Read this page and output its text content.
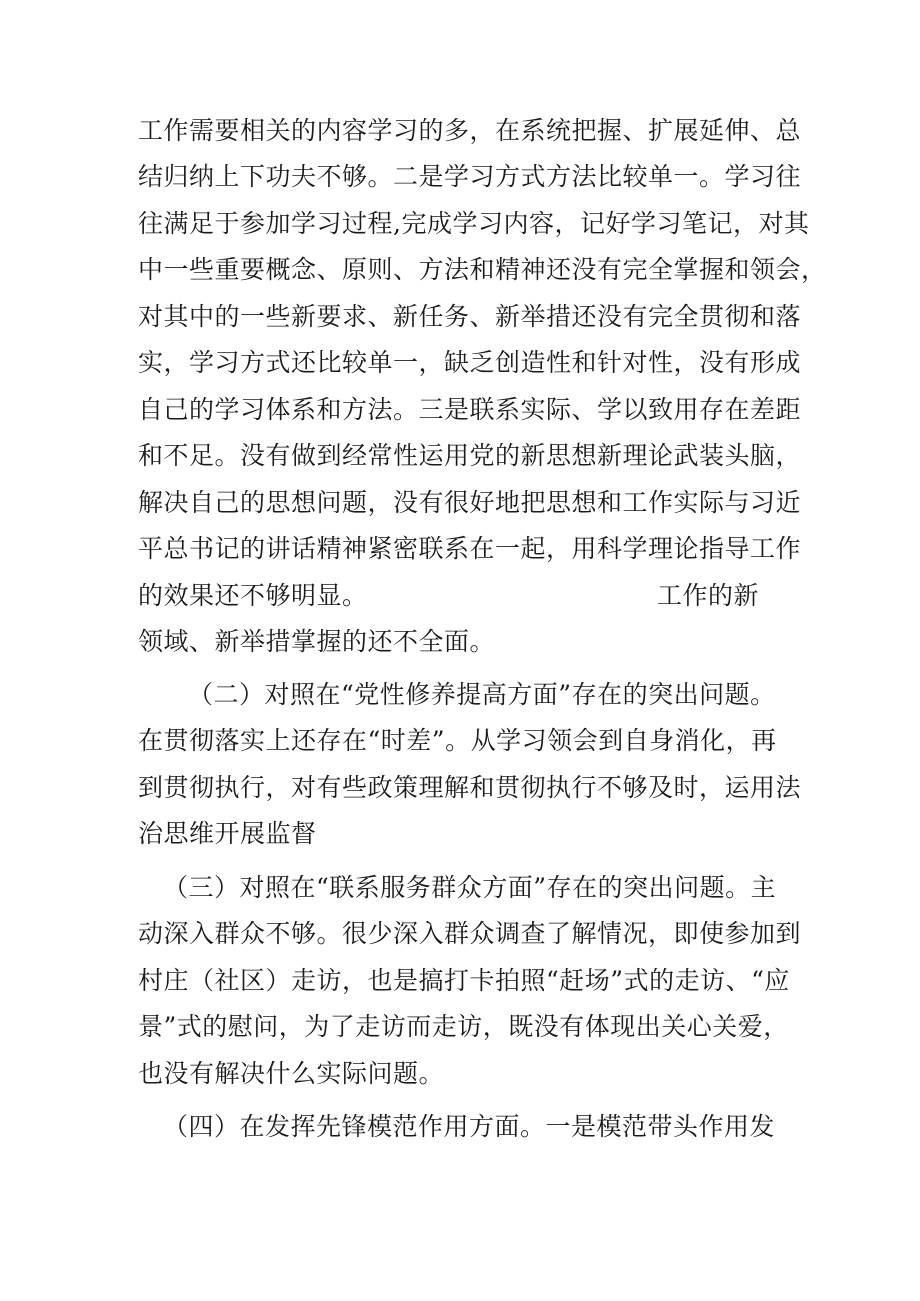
工作需要相关的内容学习的多，在系统把握、扩展延伸、总
结归纳上下功夫不够。二是学习方式方法比较单一。学习往
往满足于参加学习过程,完成学习内容，记好学习笔记，对其
中一些重要概念、原则、方法和精神还没有完全掌握和领会，
对其中的一些新要求、新任务、新举措还没有完全贯彻和落
实，学习方式还比较单一，缺乏创造性和针对性，没有形成
自己的学习体系和方法。三是联系实际、学以致用存在差距
和不足。没有做到经常性运用党的新思想新理论武装头脑，
解决自己的思想问题，没有很好地把思想和工作实际与习近
平总书记的讲话精神紧密联系在一起，用科学理论指导工作
的效果还不够明显。	工作的新
领域、新举措掌握的还不全面。
（二）对照在“党性修养提高方面”存在的突出问题。
在贯彻落实上还存在“时差”。从学习领会到自身消化，再
到贯彻执行，对有些政策理解和贯彻执行不够及时，运用法
治思维开展监督
（三）对照在“联系服务群众方面”存在的突出问题。主
动深入群众不够。很少深入群众调查了解情况，即使参加到
村庄（社区）走访，也是搞打卡拍照“赶场”式的走访、“应
景”式的慰问，为了走访而走访，既没有体现出关心关爱，
也没有解决什么实际问题。
（四）在发挥先锋模范作用方面。一是模范带头作用发
